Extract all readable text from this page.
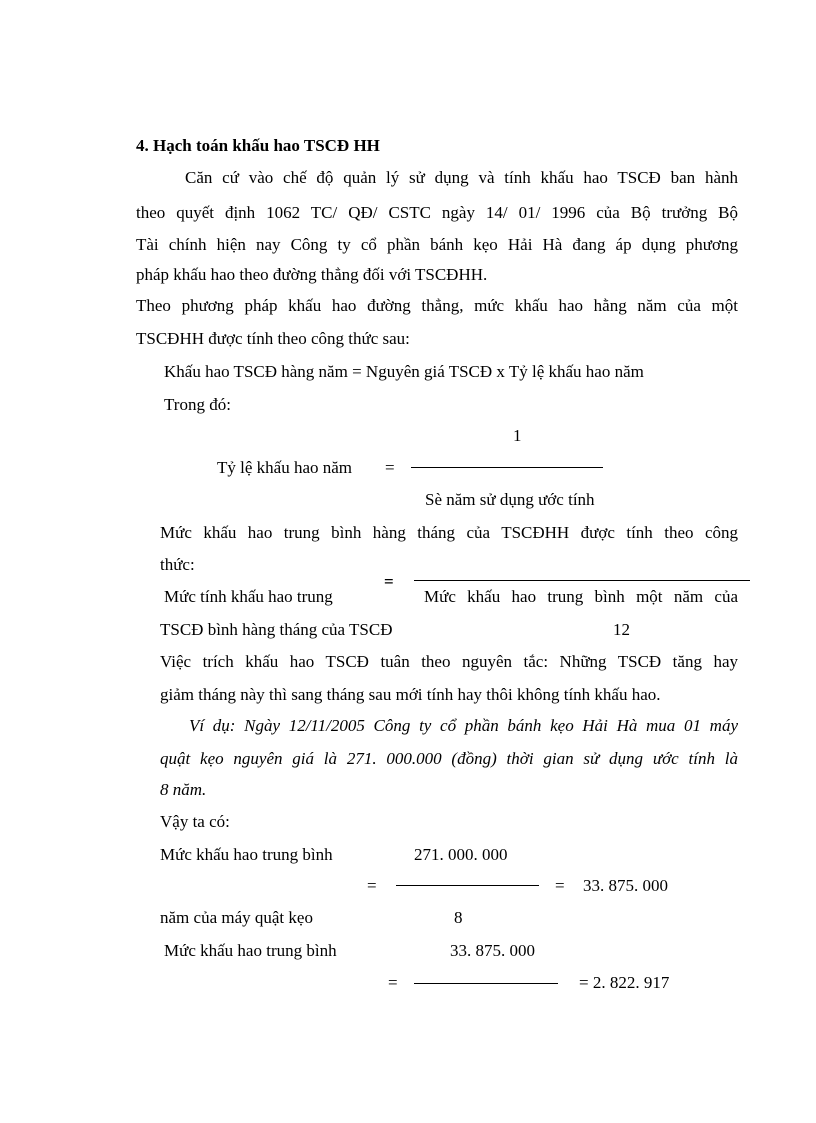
4. Hạch toán khấu hao TSCĐ HH
Căn cứ vào chế độ quản lý sử dụng và tính khấu hao TSCĐ ban hành
theo quyết định 1062 TC/ QĐ/ CSTC ngày 14/ 01/ 1996 của Bộ trưởng Bộ
Tài chính hiện nay Công ty cổ phần bánh kẹo Hải Hà đang áp dụng phương
pháp khấu hao theo đường thẳng đối với TSCĐHH.
Theo phương pháp khấu hao đường thẳng, mức khấu hao hằng năm của một
TSCĐHH được tính theo công thức sau:
Khấu hao TSCĐ hàng năm = Nguyên giá TSCĐ x Tỷ lệ khấu hao năm
Trong đó:
1
Tỷ lệ khấu hao năm =
Sè năm sử dụng ước tính
Mức khấu hao trung bình hàng tháng của TSCĐHH được tính theo công
thức:
=
Mức tính khấu hao trung	Mức khấu hao trung bình một năm của
TSCĐ bình hàng tháng của TSCĐ	12
Việc trích khấu hao TSCĐ tuân theo nguyên tắc: Những TSCĐ tăng hay
giảm tháng này thì sang tháng sau mới tính hay thôi không tính khấu hao.
Ví dụ: Ngày 12/11/2005 Công ty cổ phần bánh kẹo Hải Hà mua 01 máy
quật kẹo nguyên giá là 271. 000.000 (đồng) thời gian sử dụng ước tính là
8 năm.
Vậy ta có:
Mức khấu hao trung bình	271. 000. 000
=	= 33. 875. 000
năm của máy quật kẹo	8
Mức khấu hao trung bình	33. 875. 000
=	= 2. 822. 917
